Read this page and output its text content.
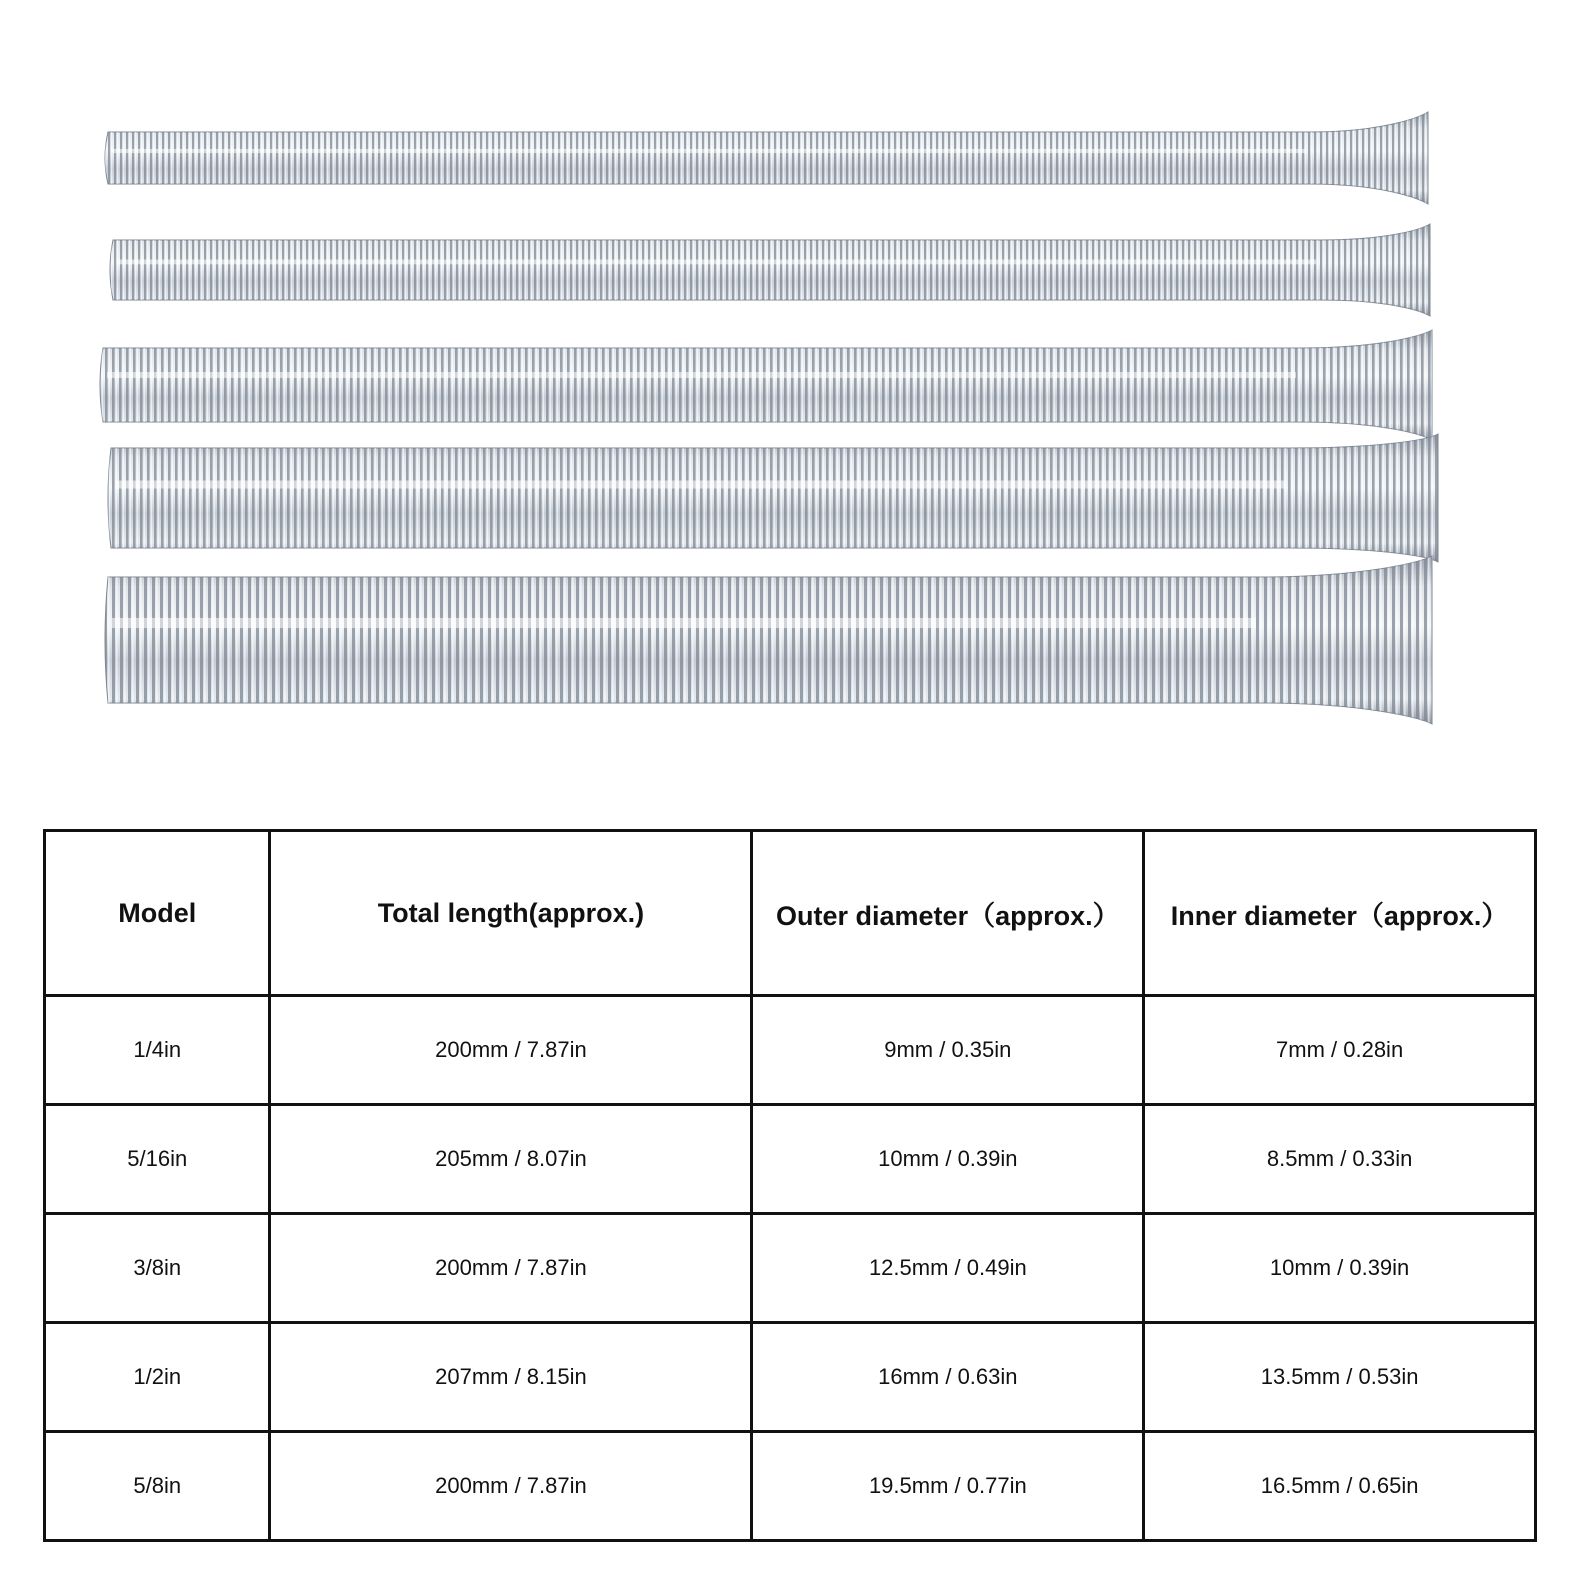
Model	Total length(approx.)	Outer diameter（approx.）	Inner diameter（approx.）
1/4in	200mm / 7.87in	9mm / 0.35in	7mm / 0.28in
5/16in	205mm / 8.07in	10mm / 0.39in	8.5mm / 0.33in
3/8in	200mm / 7.87in	12.5mm / 0.49in	10mm / 0.39in
1/2in	207mm / 8.15in	16mm / 0.63in	13.5mm / 0.53in
5/8in	200mm / 7.87in	19.5mm / 0.77in	16.5mm / 0.65in
